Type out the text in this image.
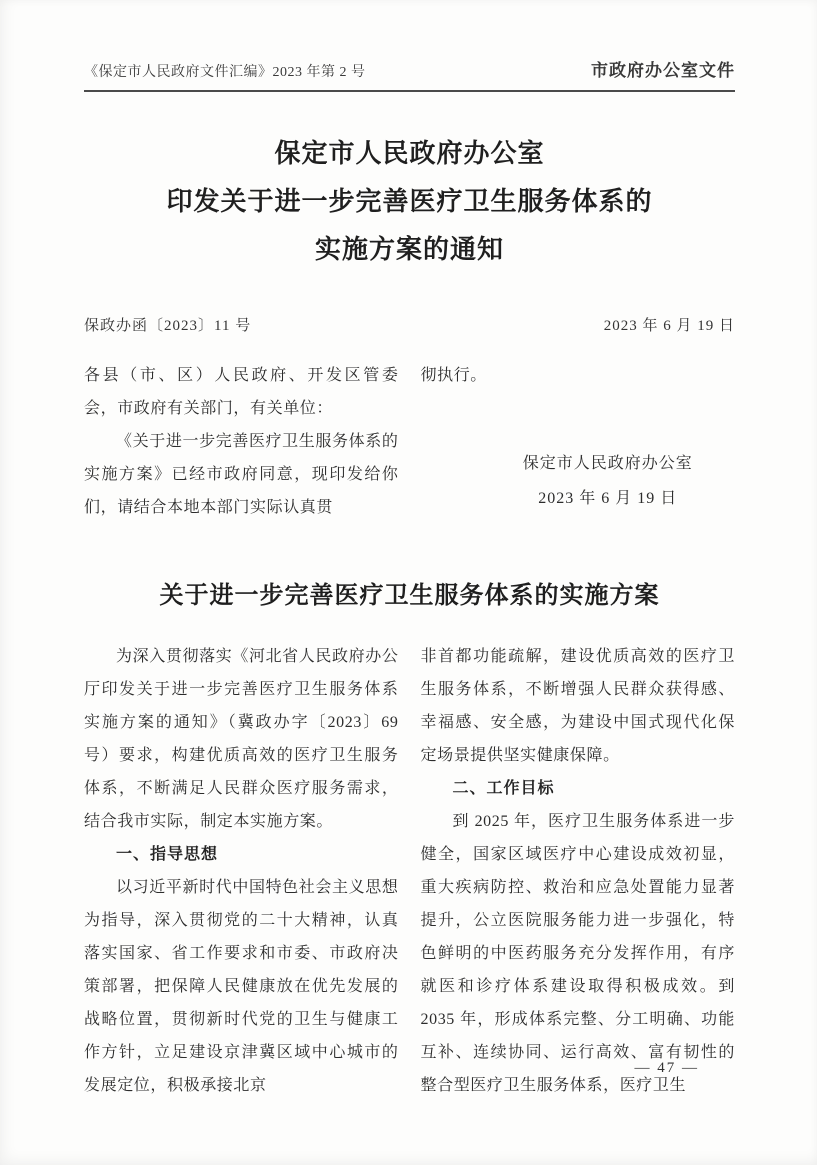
《保定市人民政府文件汇编》2023 年第 2 号	市政府办公室文件
保定市人民政府办公室
印发关于进一步完善医疗卫生服务体系的
实施方案的通知
保政办函〔2023〕11 号	2023 年 6 月 19 日

各县（市、区）人民政府、开发区管委会，市政府有关部门，有关单位：

《关于进一步完善医疗卫生服务体系的实施方案》已经市政府同意，现印发给你们，请结合本地本部门实际认真贯

彻执行。

保定市人民政府办公室
2023 年 6 月 19 日
关于进一步完善医疗卫生服务体系的实施方案

为深入贯彻落实《河北省人民政府办公厅印发关于进一步完善医疗卫生服务体系实施方案的通知》（冀政办字〔2023〕69 号）要求，构建优质高效的医疗卫生服务体系，不断满足人民群众医疗服务需求，结合我市实际，制定本实施方案。

一、指导思想

以习近平新时代中国特色社会主义思想为指导，深入贯彻党的二十大精神，认真落实国家、省工作要求和市委、市政府决策部署，把保障人民健康放在优先发展的战略位置，贯彻新时代党的卫生与健康工作方针，立足建设京津冀区域中心城市的发展定位，积极承接北京

非首都功能疏解，建设优质高效的医疗卫生服务体系，不断增强人民群众获得感、幸福感、安全感，为建设中国式现代化保定场景提供坚实健康保障。

二、工作目标

到 2025 年，医疗卫生服务体系进一步健全，国家区域医疗中心建设成效初显，重大疾病防控、救治和应急处置能力显著提升，公立医院服务能力进一步强化，特色鲜明的中医药服务充分发挥作用，有序就医和诊疗体系建设取得积极成效。到 2035 年，形成体系完整、分工明确、功能互补、连续协同、运行高效、富有韧性的整合型医疗卫生服务体系，医疗卫生

— 47 —
